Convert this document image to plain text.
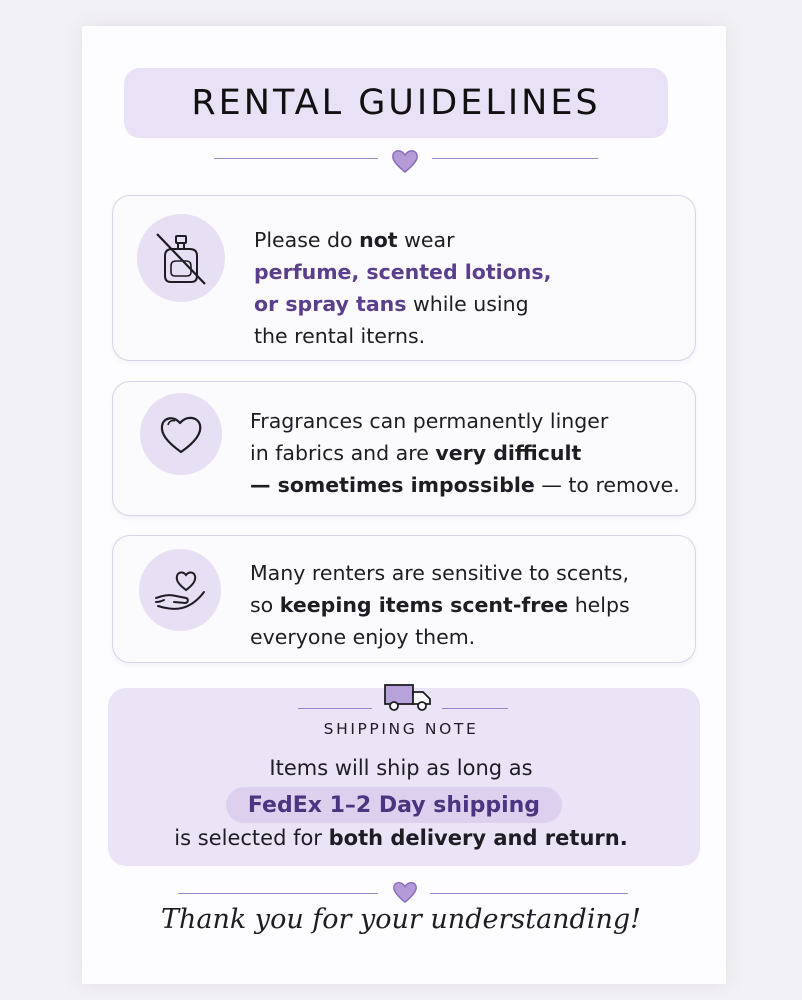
RENTAL GUIDELINES
Please do not wear
perfume, scented lotions,
or spray tans while using
the rental iterns.
Fragrances can permanently linger
in fabrics and are very difficult
— sometimes impossible — to remove.
Many renters are sensitive to scents,
so keeping items scent-free helps
everyone enjoy them.
SHIPPING NOTE
Items will ship as long as
FedEx 1–2 Day shipping
is selected for both delivery and return.
Thank you for your understanding!
